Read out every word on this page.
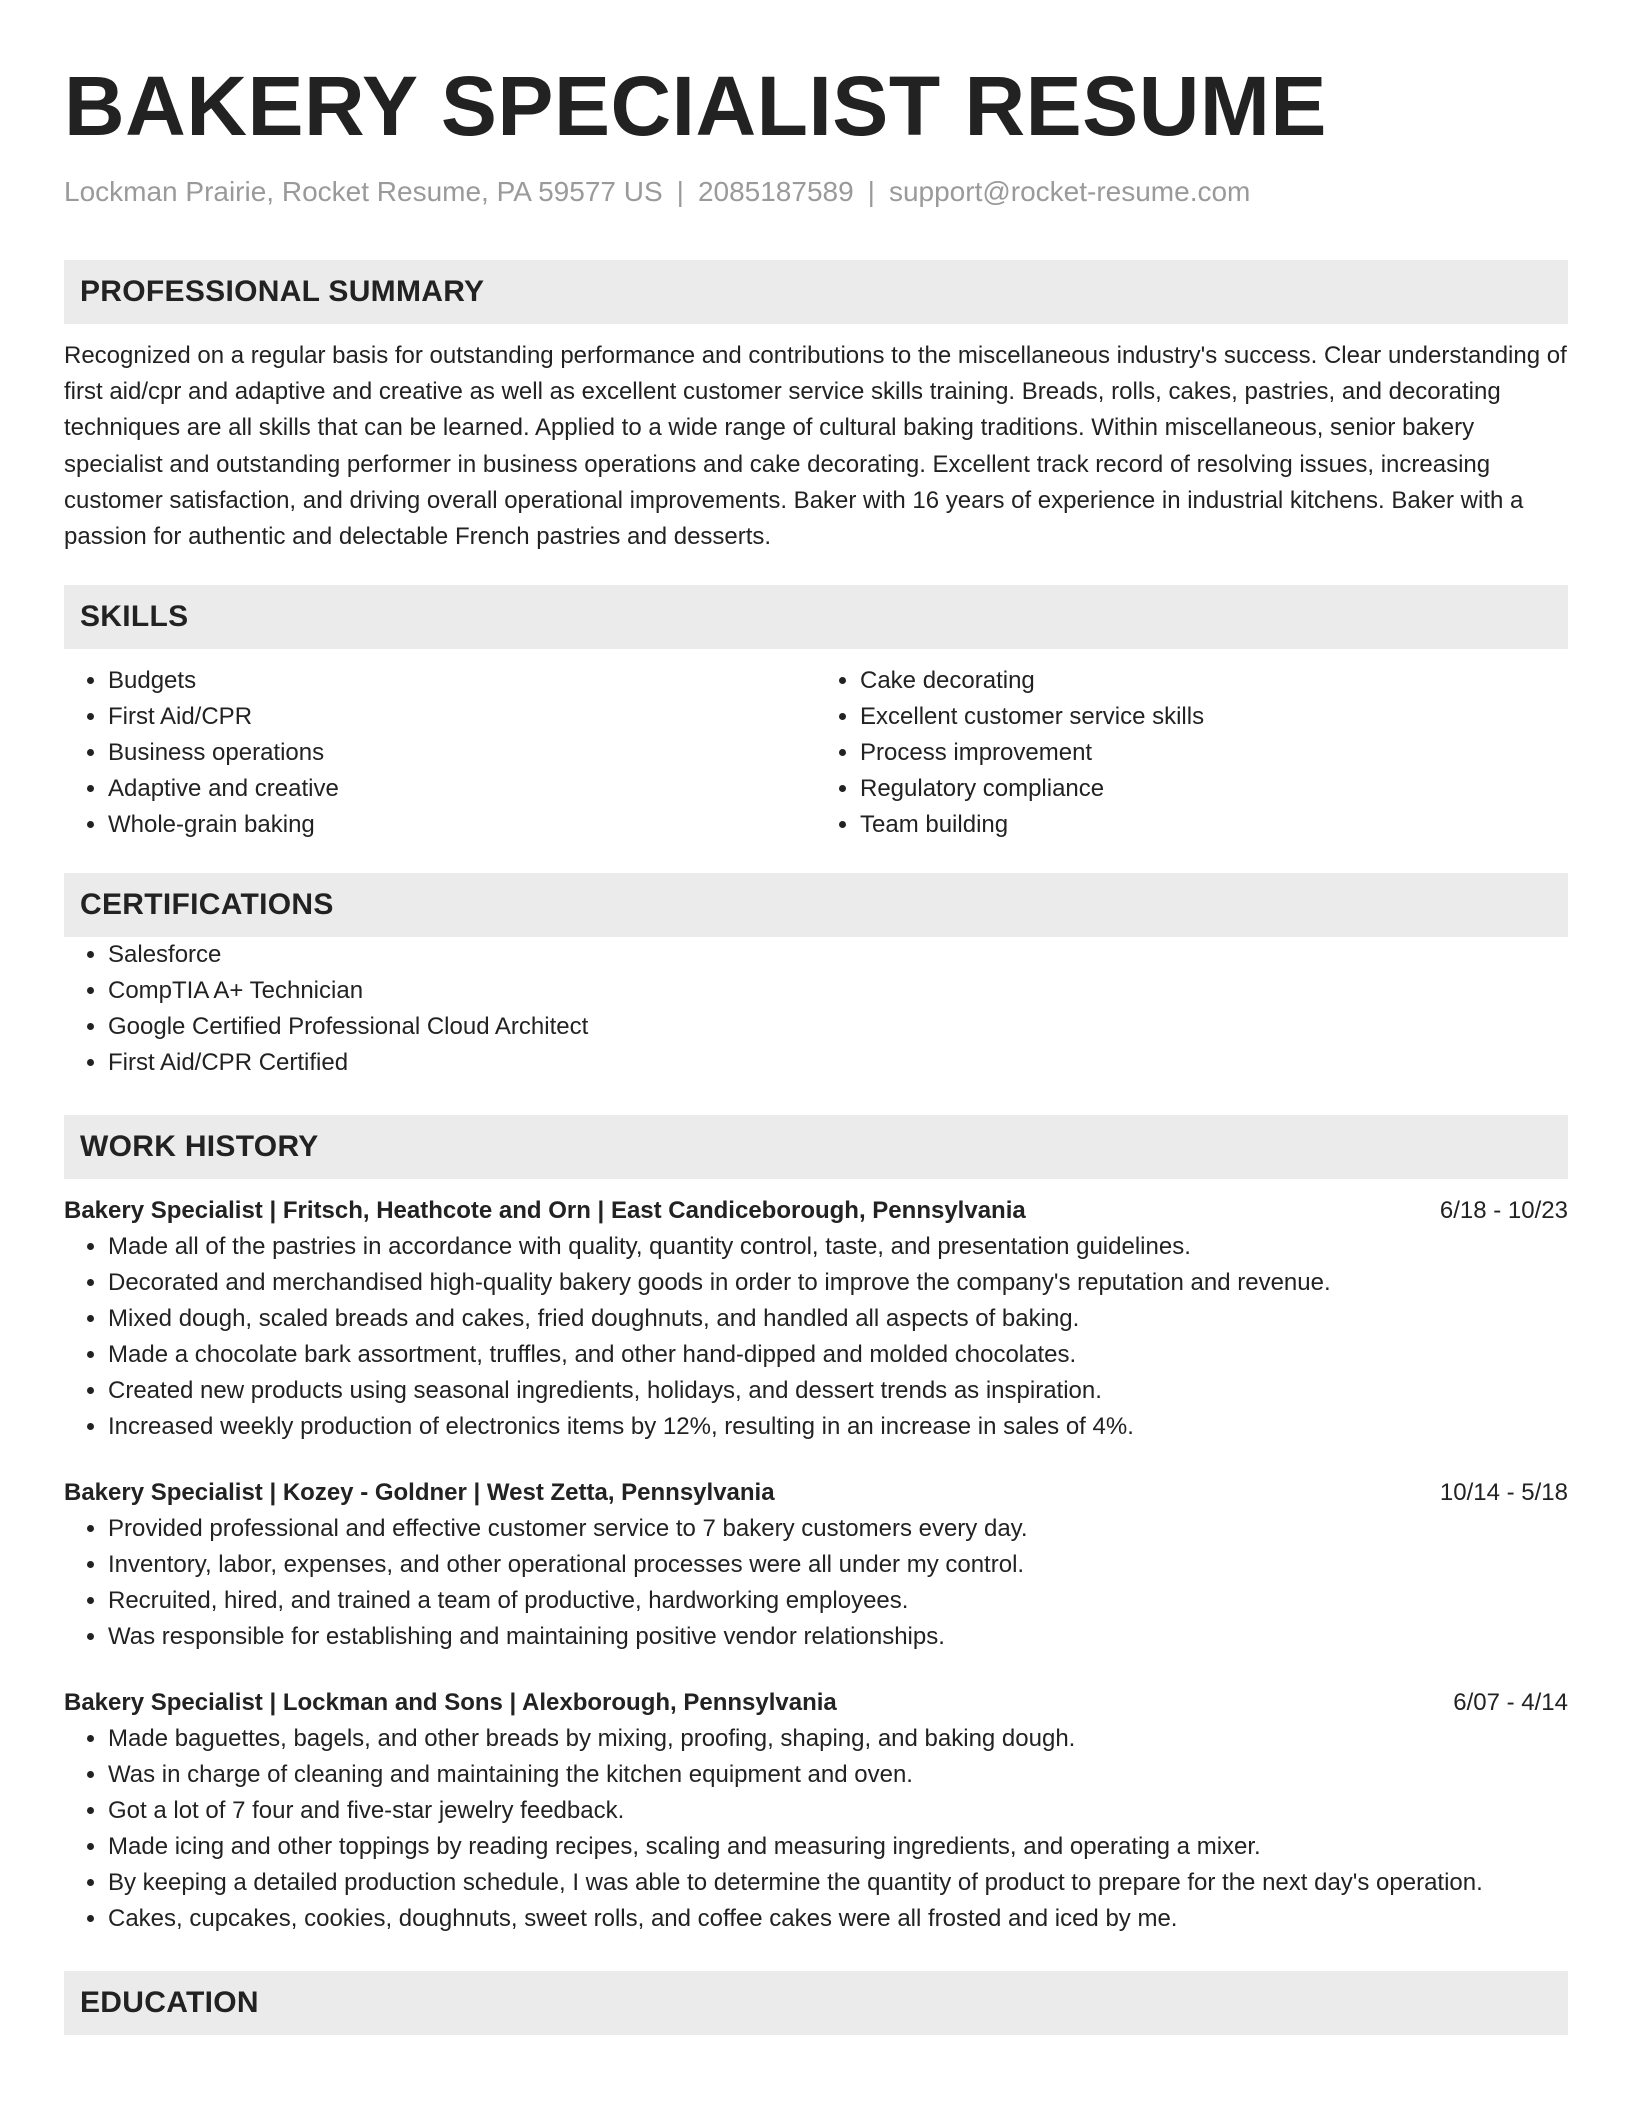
BAKERY SPECIALIST RESUME
Lockman Prairie, Rocket Resume, PA 59577 US | 2085187589 | support@rocket-resume.com
PROFESSIONAL SUMMARY

Recognized on a regular basis for outstanding performance and contributions to the miscellaneous industry's success. Clear understanding of first aid/cpr and adaptive and creative as well as excellent customer service skills training. Breads, rolls, cakes, pastries, and decorating techniques are all skills that can be learned. Applied to a wide range of cultural baking traditions. Within miscellaneous, senior bakery specialist and outstanding performer in business operations and cake decorating. Excellent track record of resolving issues, increasing customer satisfaction, and driving overall operational improvements. Baker with 16 years of experience in industrial kitchens. Baker with a passion for authentic and delectable French pastries and desserts.

SKILLS
• Budgets
• First Aid/CPR
• Business operations
• Adaptive and creative
• Whole-grain baking
• Cake decorating
• Excellent customer service skills
• Process improvement
• Regulatory compliance
• Team building
CERTIFICATIONS
• Salesforce
• CompTIA A+ Technician
• Google Certified Professional Cloud Architect
• First Aid/CPR Certified
WORK HISTORY
Bakery Specialist | Fritsch, Heathcote and Orn | East Candiceborough, Pennsylvania	6/18 - 10/23
• Made all of the pastries in accordance with quality, quantity control, taste, and presentation guidelines.
• Decorated and merchandised high-quality bakery goods in order to improve the company's reputation and revenue.
• Mixed dough, scaled breads and cakes, fried doughnuts, and handled all aspects of baking.
• Made a chocolate bark assortment, truffles, and other hand-dipped and molded chocolates.
• Created new products using seasonal ingredients, holidays, and dessert trends as inspiration.
• Increased weekly production of electronics items by 12%, resulting in an increase in sales of 4%.
Bakery Specialist | Kozey - Goldner | West Zetta, Pennsylvania	10/14 - 5/18
• Provided professional and effective customer service to 7 bakery customers every day.
• Inventory, labor, expenses, and other operational processes were all under my control.
• Recruited, hired, and trained a team of productive, hardworking employees.
• Was responsible for establishing and maintaining positive vendor relationships.
Bakery Specialist | Lockman and Sons | Alexborough, Pennsylvania	6/07 - 4/14
• Made baguettes, bagels, and other breads by mixing, proofing, shaping, and baking dough.
• Was in charge of cleaning and maintaining the kitchen equipment and oven.
• Got a lot of 7 four and five-star jewelry feedback.
• Made icing and other toppings by reading recipes, scaling and measuring ingredients, and operating a mixer.
• By keeping a detailed production schedule, I was able to determine the quantity of product to prepare for the next day's operation.
• Cakes, cupcakes, cookies, doughnuts, sweet rolls, and coffee cakes were all frosted and iced by me.
EDUCATION
